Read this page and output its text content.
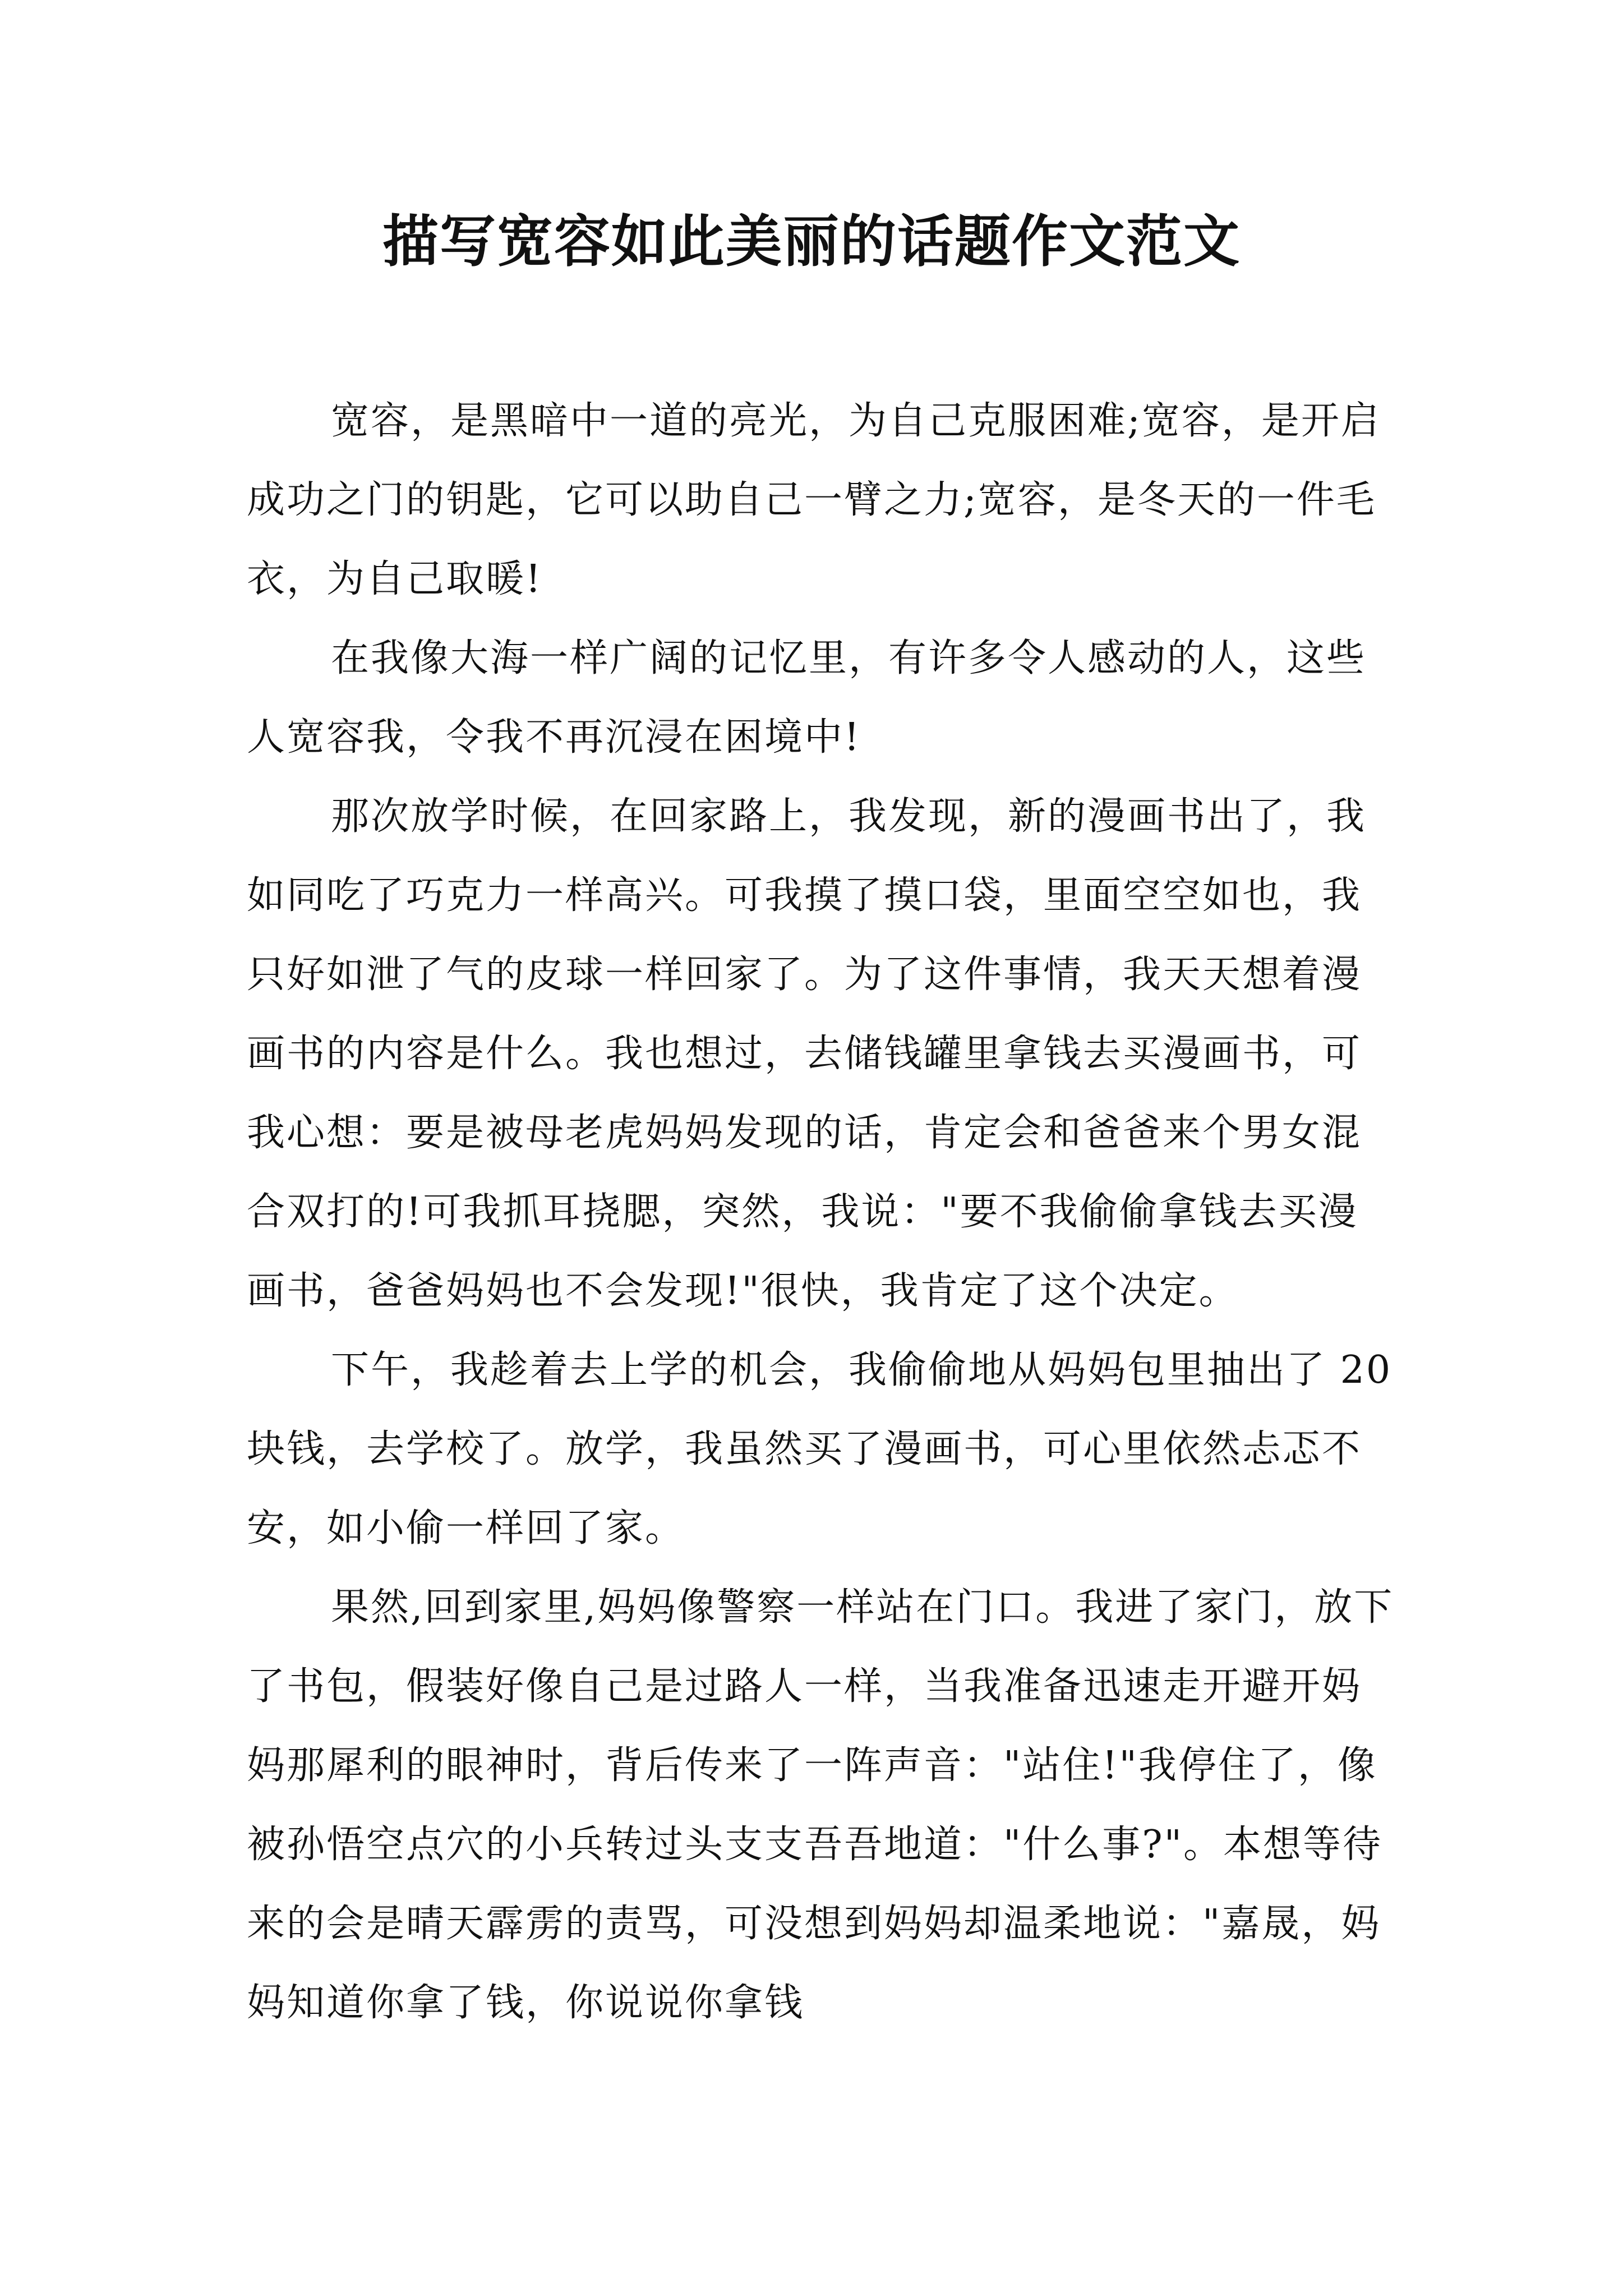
描写宽容如此美丽的话题作文范文

宽容，是黑暗中一道的亮光，为自己克服困难;宽容，是开启成功之门的钥匙，它可以助自己一臂之力;宽容，是冬天的一件毛衣，为自己取暖!

在我像大海一样广阔的记忆里，有许多令人感动的人，这些人宽容我，令我不再沉浸在困境中!

那次放学时候，在回家路上，我发现，新的漫画书出了，我如同吃了巧克力一样高兴。可我摸了摸口袋，里面空空如也，我只好如泄了气的皮球一样回家了。为了这件事情，我天天想着漫画书的内容是什么。我也想过，去储钱罐里拿钱去买漫画书，可我心想：要是被母老虎妈妈发现的话，肯定会和爸爸来个男女混合双打的!可我抓耳挠腮，突然，我说："要不我偷偷拿钱去买漫画书，爸爸妈妈也不会发现!"很快，我肯定了这个决定。

下午，我趁着去上学的机会，我偷偷地从妈妈包里抽出了 20 块钱，去学校了。放学，我虽然买了漫画书，可心里依然忐忑不安，如小偷一样回了家。

果然,回到家里,妈妈像警察一样站在门口。我进了家门，放下了书包，假装好像自己是过路人一样，当我准备迅速走开避开妈妈那犀利的眼神时，背后传来了一阵声音："站住!"我停住了，像被孙悟空点穴的小兵转过头支支吾吾地道："什么事?"。本想等待来的会是晴天霹雳的责骂，可没想到妈妈却温柔地说："嘉晟，妈妈知道你拿了钱，你说说你拿钱
